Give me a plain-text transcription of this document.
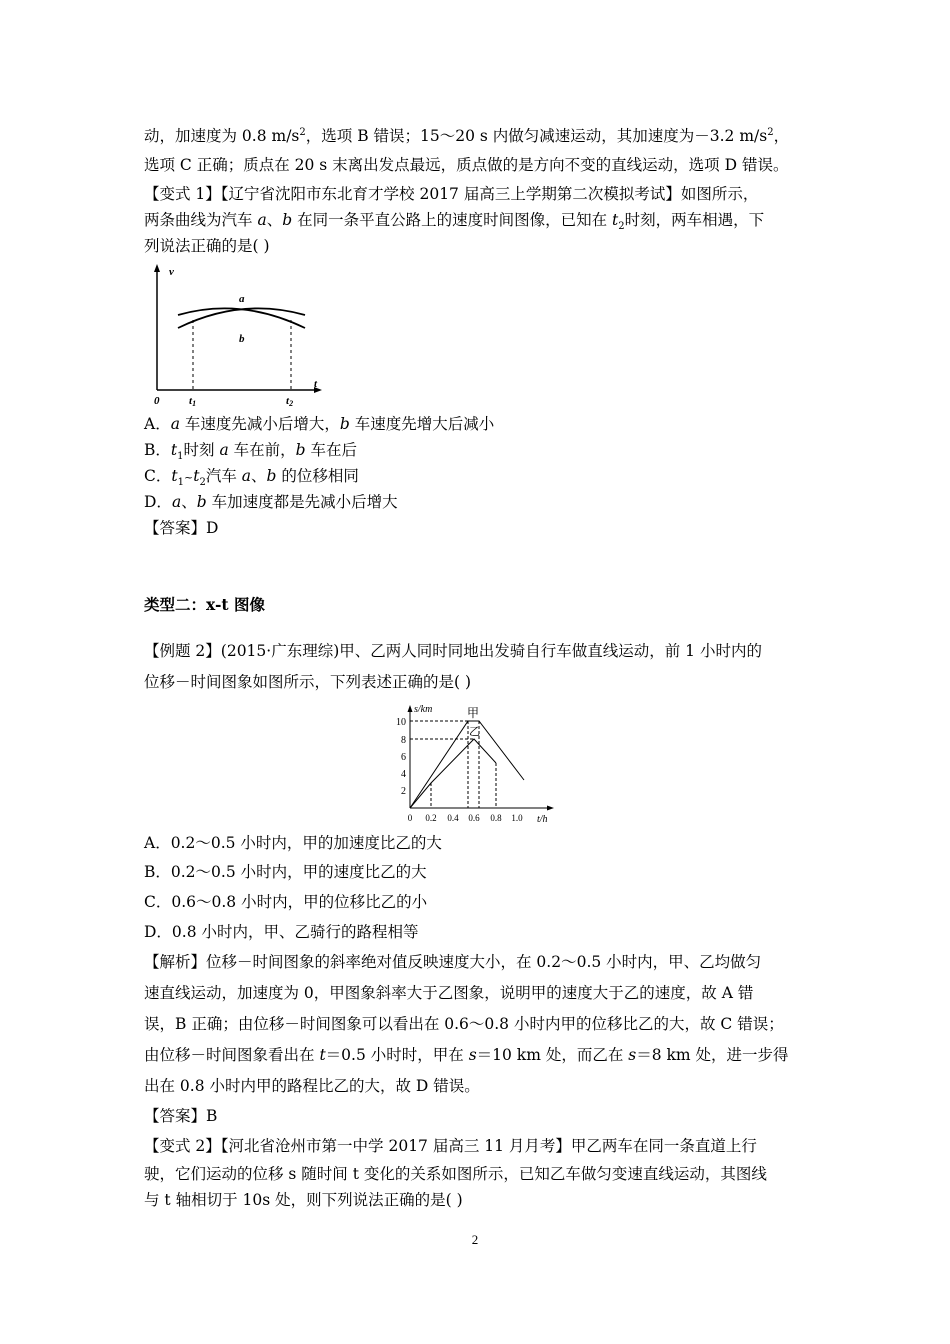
动，加速度为 0.8 $m/s^2$，选项 B 错误；15～20 s 内做匀减速运动，其加速度为－3.2 $m/s^2$，
选项 C 正确；质点在 20 s 末离出发点最远，质点做的是方向不变的直线运动，选项 D 错误。
【变式 1】【辽宁省沈阳市东北育才学校 2017 届高三上学期第二次模拟考试】如图所示，
两条曲线为汽车 a、b 在同一条平直公路上的速度时间图像，已知在 $t_2$时刻，两车相遇，下
列说法正确的是( )
v
t
0	t1	t2
a
b
A．a 车速度先减小后增大，b 车速度先增大后减小
B．$t_1$时刻 a 车在前，b 车在后
C．$t_1\sim t_2$汽车 a、b 的位移相同
D．a、b 车加速度都是先减小后增大
【答案】D
类型二：x-t 图像
【例题 2】(2015·广东理综)甲、乙两人同时同地出发骑自行车做直线运动，前 1 小时内的
位移－时间图象如图所示，下列表述正确的是( )
s/km
t/h
2
4
6
8
10
0 0.2 0.4 0.6 0.8 1.0
甲
乙
A．0.2～0.5 小时内，甲的加速度比乙的大
B．0.2～0.5 小时内，甲的速度比乙的大
C．0.6～0.8 小时内，甲的位移比乙的小
D．0.8 小时内，甲、乙骑行的路程相等
【解析】位移－时间图象的斜率绝对值反映速度大小，在 0.2～0.5 小时内，甲、乙均做匀
速直线运动，加速度为 0，甲图象斜率大于乙图象，说明甲的速度大于乙的速度，故 A 错
误，B 正确；由位移－时间图象可以看出在 0.6～0.8 小时内甲的位移比乙的大，故 C 错误；
由位移－时间图象看出在 t＝0.5 小时时，甲在 s＝10 km 处，而乙在 s＝8 km 处，进一步得
出在 0.8 小时内甲的路程比乙的大，故 D 错误。
【答案】B
【变式 2】【河北省沧州市第一中学 2017 届高三 11 月月考】甲乙两车在同一条直道上行
驶，它们运动的位移 s 随时间 t 变化的关系如图所示，已知乙车做匀变速直线运动，其图线
与 t 轴相切于 10s 处，则下列说法正确的是( )
2
